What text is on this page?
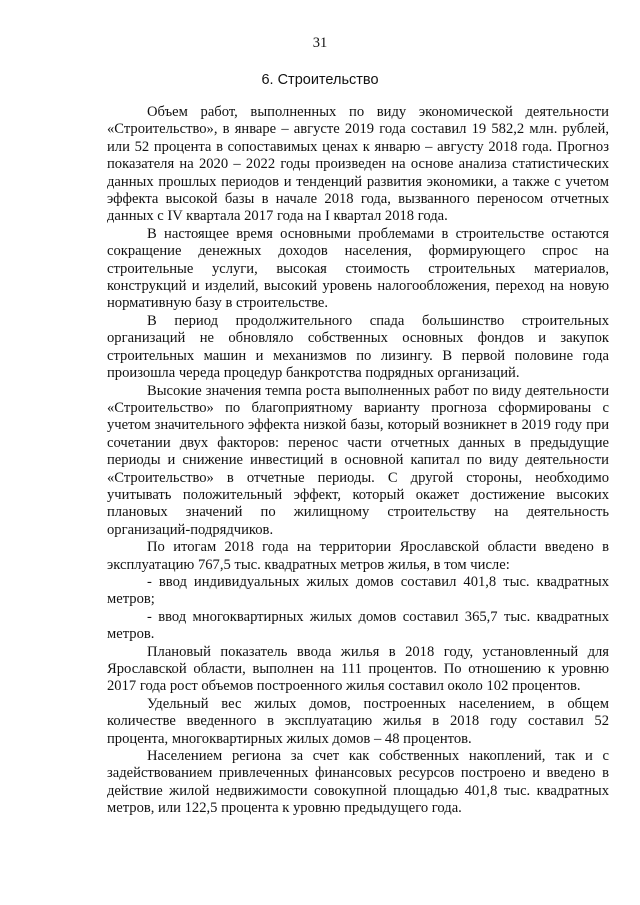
31
6. Строительство

Объем работ, выполненных по виду экономической деятельности «Строительство», в январе – августе 2019 года составил 19 582,2 млн. рублей, или 52 процента в сопоставимых ценах к январю – августу 2018 года. Прогноз показателя на 2020 – 2022 годы произведен на основе анализа статистических данных прошлых периодов и тенденций развития экономики, а также с учетом эффекта высокой базы в начале 2018 года, вызванного переносом отчетных данных с IV квартала 2017 года на I квартал 2018 года.

В настоящее время основными проблемами в строительстве остаются сокращение денежных доходов населения, формирующего спрос на строительные услуги, высокая стоимость строительных материалов, конструкций и изделий, высокий уровень налогообложения, переход на новую нормативную базу в строительстве.

В период продолжительного спада большинство строительных организаций не обновляло собственных основных фондов и закупок строительных машин и механизмов по лизингу. В первой половине года произошла череда процедур банкротства подрядных организаций.

Высокие значения темпа роста выполненных работ по виду деятельности «Строительство» по благоприятному варианту прогноза сформированы с учетом значительного эффекта низкой базы, который возникнет в 2019 году при сочетании двух факторов: перенос части отчетных данных в предыдущие периоды и снижение инвестиций в основной капитал по виду деятельности «Строительство» в отчетные периоды. С другой стороны, необходимо учитывать положительный эффект, который окажет достижение высоких плановых значений по жилищному строительству на деятельность организаций-подрядчиков.

По итогам 2018 года на территории Ярославской области введено в эксплуатацию 767,5 тыс. квадратных метров жилья, в том числе:

- ввод индивидуальных жилых домов составил 401,8 тыс. квадратных метров;

- ввод многоквартирных жилых домов составил 365,7 тыс. квадратных метров.

Плановый показатель ввода жилья в 2018 году, установленный для Ярославской области, выполнен на 111 процентов. По отношению к уровню 2017 года рост объемов построенного жилья составил около 102 процентов.

Удельный вес жилых домов, построенных населением, в общем количестве введенного в эксплуатацию жилья в 2018 году составил 52 процента, многоквартирных жилых домов – 48 процентов.

Населением региона за счет как собственных накоплений, так и с задействованием привлеченных финансовых ресурсов построено и введено в действие жилой недвижимости совокупной площадью 401,8 тыс. квадратных метров, или 122,5 процента к уровню предыдущего года.
